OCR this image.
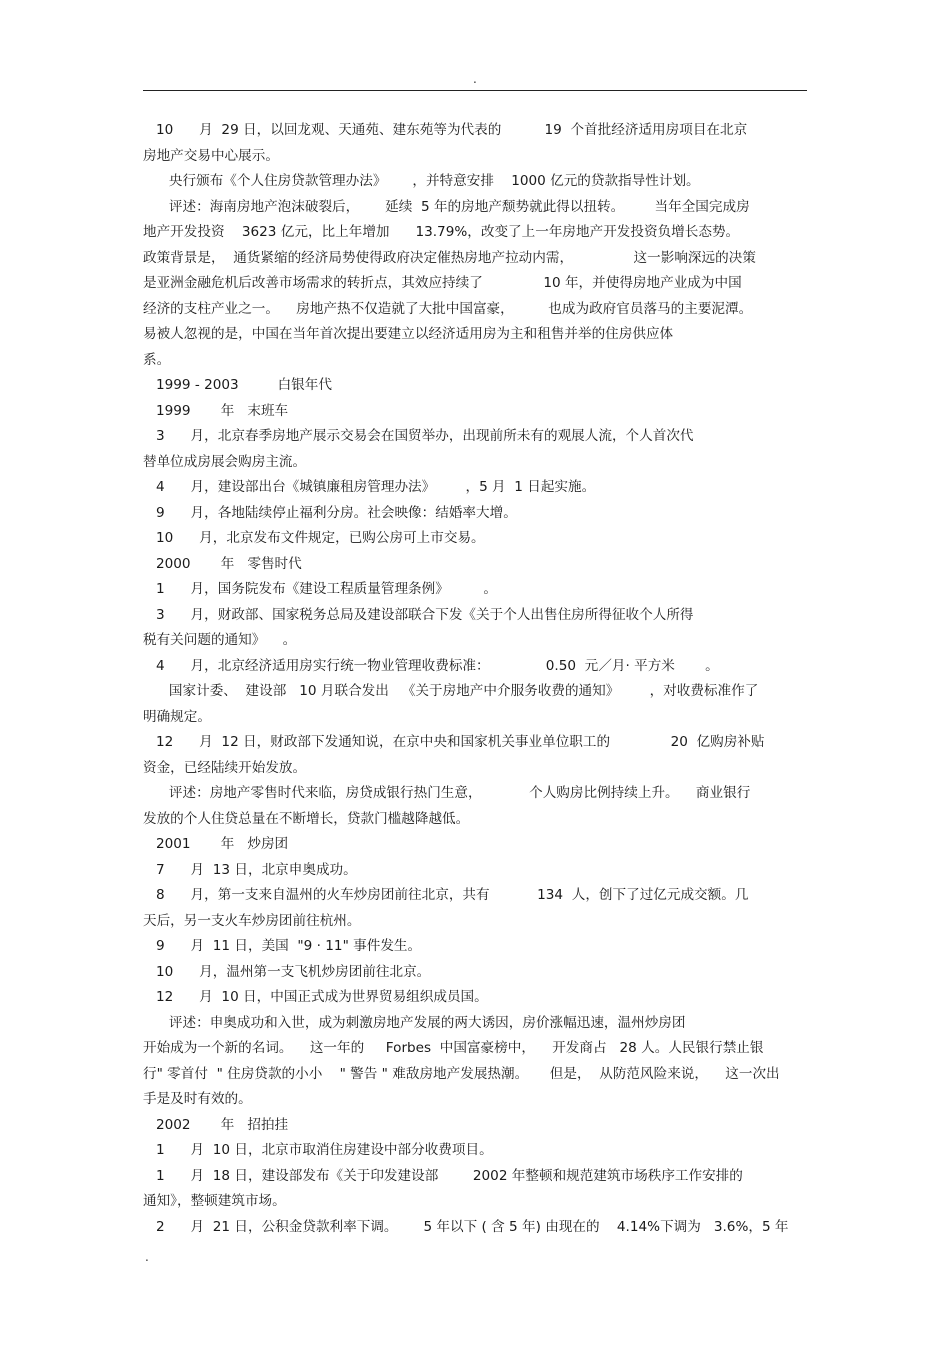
.
10      月  29 日，以回龙观、天通苑、建东苑等为代表的          19  个首批经济适用房项目在北京
房地产交易中心展示。
央行颁布《个人住房贷款管理办法》      ，并特意安排    1000 亿元的贷款指导性计划。
评述：海南房地产泡沫破裂后，      延续  5 年的房地产颓势就此得以扭转。       当年全国完成房
地产开发投资    3623 亿元，比上年增加      13.79%，改变了上一年房地产开发投资负增长态势。
政策背景是，  通货紧缩的经济局势使得政府决定催热房地产拉动内需，              这一影响深远的决策
是亚洲金融危机后改善市场需求的转折点，其效应持续了              10 年，并使得房地产业成为中国
经济的支柱产业之一。    房地产热不仅造就了大批中国富豪，        也成为政府官员落马的主要泥潭。
易被人忽视的是，中国在当年首次提出要建立以经济适用房为主和租售并举的住房供应体
系。
1999 - 2003         白银年代
1999       年   末班车
3      月，北京春季房地产展示交易会在国贸举办，出现前所未有的观展人流，个人首次代
替单位成房展会购房主流。
4      月，建设部出台《城镇廉租房管理办法》       ，5 月  1 日起实施。
9      月，各地陆续停止福利分房。社会映像：结婚率大增。
10      月，北京发布文件规定，已购公房可上市交易。
2000       年   零售时代
1      月，国务院发布《建设工程质量管理条例》        。
3      月，财政部、国家税务总局及建设部联合下发《关于个人出售住房所得征收个人所得
税有关问题的通知》    。
4      月，北京经济适用房实行统一物业管理收费标准：             0.50  元／月· 平方米       。
国家计委、  建设部   10 月联合发出   《关于房地产中介服务收费的通知》       ，对收费标准作了
明确规定。
12      月  12 日，财政部下发通知说，在京中央和国家机关事业单位职工的              20  亿购房补贴
资金，已经陆续开始发放。
评述：房地产零售时代来临，房贷成银行热门生意，           个人购房比例持续上升。    商业银行
发放的个人住贷总量在不断增长，贷款门槛越降越低。
2001       年   炒房团
7      月  13 日，北京申奥成功。
8      月，第一支来自温州的火车炒房团前往北京，共有           134  人，创下了过亿元成交额。几
天后，另一支火车炒房团前往杭州。
9      月  11 日，美国  "9 · 11" 事件发生。
10      月，温州第一支飞机炒房团前往北京。
12      月  10 日，中国正式成为世界贸易组织成员国。
评述：申奥成功和入世，成为刺激房地产发展的两大诱因，房价涨幅迅速，温州炒房团
开始成为一个新的名词。    这一年的     Forbes  中国富豪榜中，    开发商占   28 人。人民银行禁止银
行" 零首付  " 住房贷款的小小    " 警告 " 难敌房地产发展热潮。     但是，  从防范风险来说，    这一次出
手是及时有效的。
2002       年   招拍挂
1      月  10 日，北京市取消住房建设中部分收费项目。
1      月  18 日，建设部发布《关于印发建设部        2002 年整顿和规范建筑市场秩序工作安排的
通知》，整顿建筑市场。
2      月  21 日，公积金贷款利率下调。      5 年以下 ( 含 5 年) 由现在的    4.14%下调为   3.6%，5 年
.
